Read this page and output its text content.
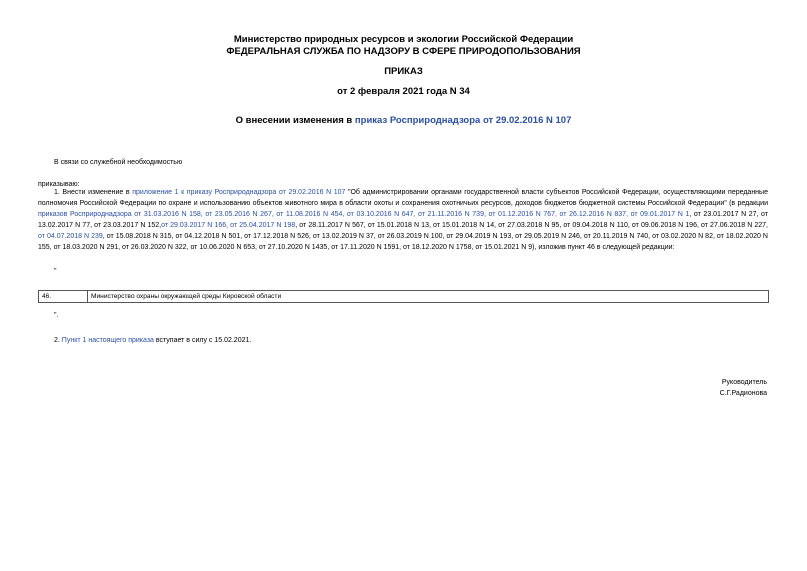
Министерство природных ресурсов и экологии Российской Федерации
ФЕДЕРАЛЬНАЯ СЛУЖБА ПО НАДЗОРУ В СФЕРЕ ПРИРОДОПОЛЬЗОВАНИЯ
ПРИКАЗ
от 2 февраля 2021 года N 34
О внесении изменения в приказ Росприроднадзора от 29.02.2016 N 107
В связи со служебной необходимостью
приказываю:
1. Внести изменение в приложение 1 к приказу Росприроднадзора от 29.02.2016 N 107 "Об администрировании органами государственной власти субъектов Российской Федерации, осуществляющими переданные полномочия Российской Федерации по охране и использованию объектов животного мира в области охоты и сохранения охотничьих ресурсов, доходов бюджетов бюджетной системы Российской Федерации" (в редакции приказов Росприроднадзора от 31.03.2016 N 158, от 23.05.2016 N 267, от 11.08.2016 N 454, от 03.10.2016 N 647, от 21.11.2016 N 739, от 01.12.2016 N 767, от 26.12.2016 N 837, от 09.01.2017 N 1, от 23.01.2017 N 27, от 13.02.2017 N 77, от 23.03.2017 N 152,от 29.03.2017 N 166, от 25.04.2017 N 198, от 28.11.2017 N 567, от 15.01.2018 N 13, от 15.01.2018 N 14, от 27.03.2018 N 95, от 09.04.2018 N 110, от 09.06.2018 N 196, от 27.06.2018 N 227, от 04.07.2018 N 239, от 15.08.2018 N 315, от 04.12.2018 N 501, от 17.12.2018 N 526, от 13.02.2019 N 37, от 26.03.2019 N 100, от 29.04.2019 N 193, от 29.05.2019 N 246, от 20.11.2019 N 740, от 03.02.2020 N 82, от 18.02.2020 N 155, от 18.03.2020 N 291, от 26.03.2020 N 322, от 10.06.2020 N 653, от 27.10.2020 N 1435, от 17.11.2020 N 1591, от 18.12.2020 N 1758, от 15.01.2021 N 9), изложив пункт 46 в следующей редакции:
"
46.	Министерство охраны окружающей среды Кировской области
".
2. Пункт 1 настоящего приказа вступает в силу с 15.02.2021.
Руководитель
С.Г.Радионова
